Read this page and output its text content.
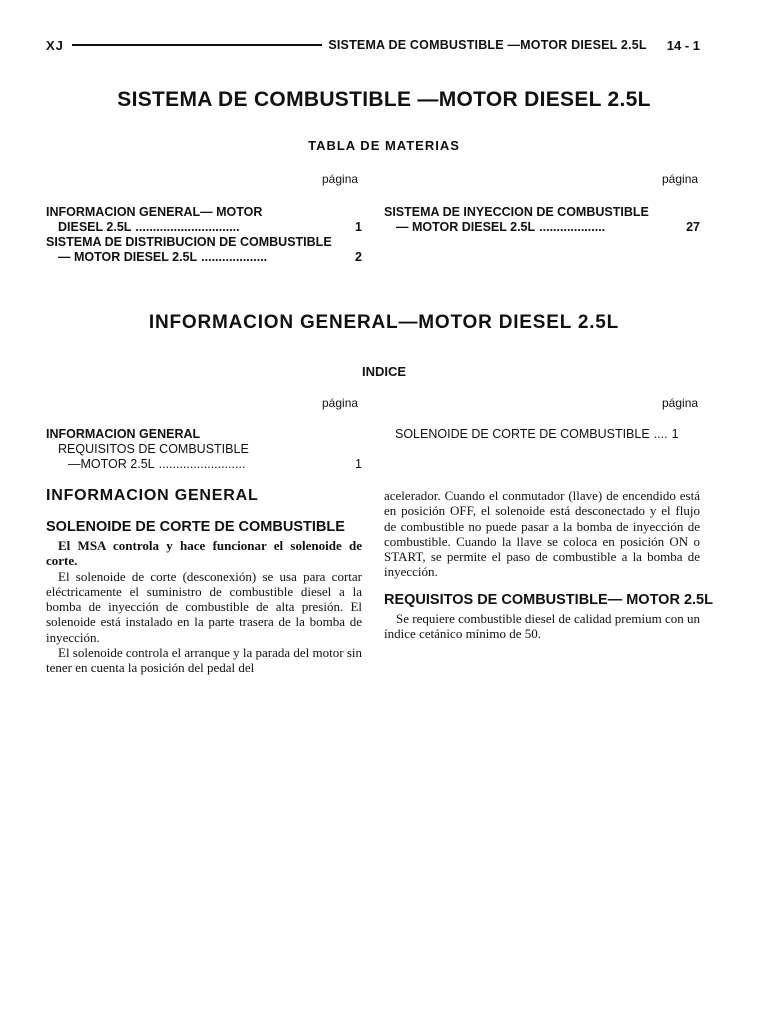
XJ	SISTEMA DE COMBUSTIBLE —MOTOR DIESEL 2.5L 14 - 1
SISTEMA DE COMBUSTIBLE —MOTOR DIESEL 2.5L
TABLA DE MATERIAS
página	página
INFORMACION GENERAL— MOTOR
DIESEL 2.5L ..............................	1
SISTEMA DE DISTRIBUCION DE COMBUSTIBLE
— MOTOR DIESEL 2.5L ...................	2
SISTEMA DE INYECCION DE COMBUSTIBLE
— MOTOR DIESEL 2.5L ...................	27
INFORMACION GENERAL—MOTOR DIESEL 2.5L
INDICE
página	página
INFORMACION GENERAL
REQUISITOS DE COMBUSTIBLE
—MOTOR 2.5L .........................	1
SOLENOIDE DE CORTE DE COMBUSTIBLE .... 1
INFORMACION GENERAL
SOLENOIDE DE CORTE DE COMBUSTIBLE

El MSA controla y hace funcionar el solenoide de corte.

El solenoide de corte (desconexión) se usa para cortar eléctricamente el suministro de combustible diesel a la bomba de inyección de combustible de alta presión. El solenoide está instalado en la parte trasera de la bomba de inyección.

El solenoide controla el arranque y la parada del motor sin tener en cuenta la posición del pedal del

acelerador. Cuando el conmutador (llave) de encendido está en posición OFF, el solenoide está desconectado y el flujo de combustible no puede pasar a la bomba de inyección de combustible. Cuando la llave se coloca en posición ON o START, se permite el paso de combustible a la bomba de inyección.

REQUISITOS DE COMBUSTIBLE— MOTOR 2.5L

Se requiere combustible diesel de calidad premium con un índice cetánico mínimo de 50.
